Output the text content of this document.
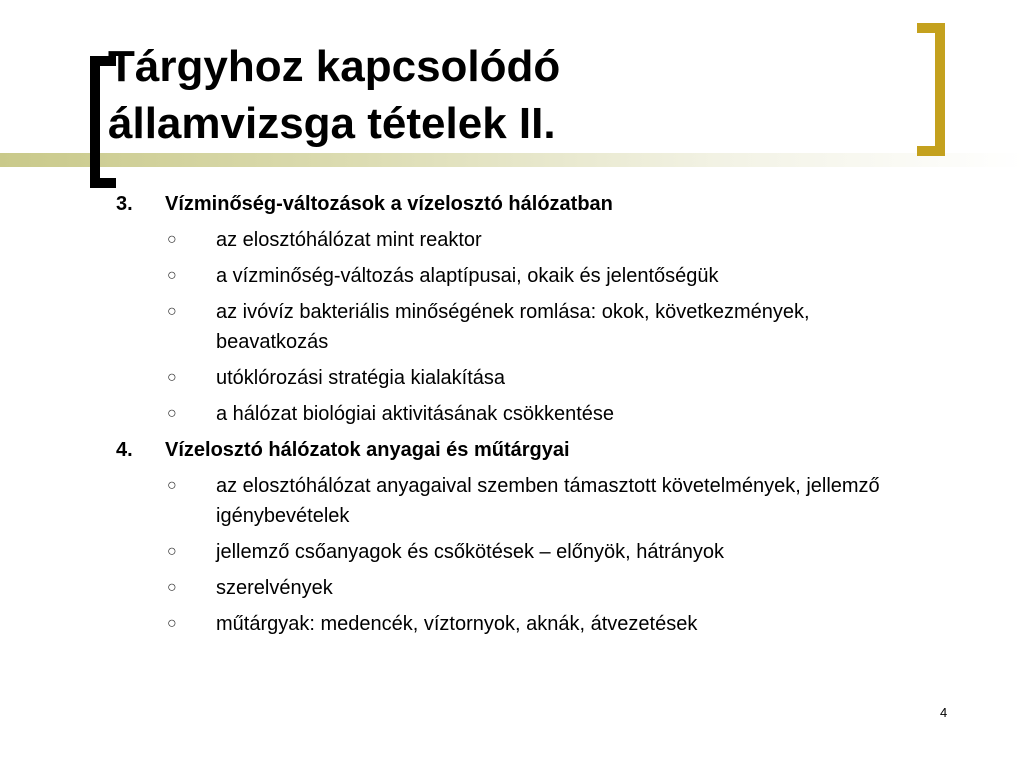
Tárgyhoz kapcsolódó
államvizsga tételek II.
3.	Vízminőség-változások a vízelosztó hálózatban
○	az elosztóhálózat mint reaktor
○	a vízminőség-változás alaptípusai, okaik és jelentőségük
○	az ivóvíz bakteriális minőségének romlása: okok, következmények, beavatkozás
○	utóklórozási stratégia kialakítása
○	a hálózat biológiai aktivitásának csökkentése
4.	Vízelosztó hálózatok anyagai és műtárgyai
○	az elosztóhálózat anyagaival szemben támasztott követelmények, jellemző igénybevételek
○	jellemző csőanyagok és csőkötések – előnyök, hátrányok
○	szerelvények
○	műtárgyak: medencék, víztornyok, aknák, átvezetések
4
